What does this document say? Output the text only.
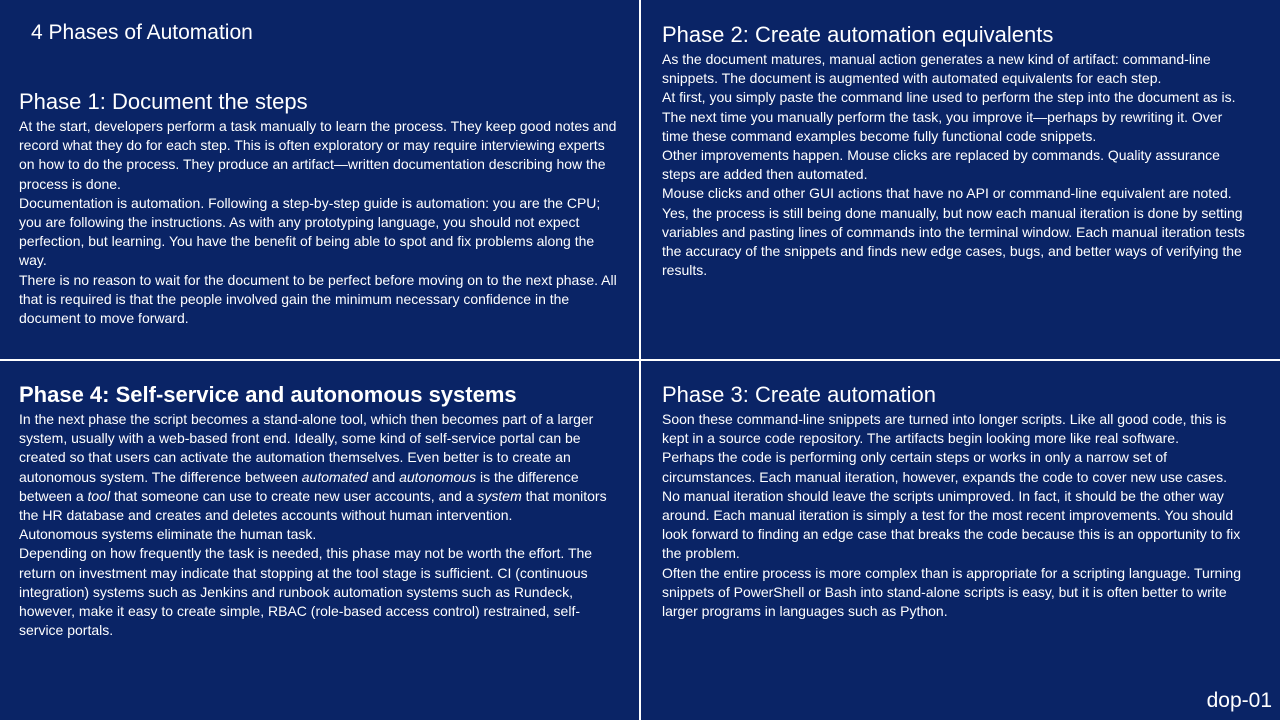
4 Phases of Automation
Phase 1: Document the steps

At the start, developers perform a task manually to learn the process. They keep good notes and record what they do for each step. This is often exploratory or may require interviewing experts on how to do the process. They produce an artifact—written documentation describing how the process is done.

Documentation is automation. Following a step-by-step guide is automation: you are the CPU; you are following the instructions. As with any prototyping language, you should not expect perfection, but learning. You have the benefit of being able to spot and fix problems along the way.

There is no reason to wait for the document to be perfect before moving on to the next phase. All that is required is that the people involved gain the minimum necessary confidence in the document to move forward.

Phase 2: Create automation equivalents

As the document matures, manual action generates a new kind of artifact: command-line snippets. The document is augmented with automated equivalents for each step.

At first, you simply paste the command line used to perform the step into the document as is. The next time you manually perform the task, you improve it—perhaps by rewriting it. Over time these command examples become fully functional code snippets.

Other improvements happen. Mouse clicks are replaced by commands. Quality assurance steps are added then automated.

Mouse clicks and other GUI actions that have no API or command-line equivalent are noted.

Yes, the process is still being done manually, but now each manual iteration is done by setting variables and pasting lines of commands into the terminal window. Each manual iteration tests the accuracy of the snippets and finds new edge cases, bugs, and better ways of verifying the results.

Phase 4: Self-service and autonomous systems

In the next phase the script becomes a stand-alone tool, which then becomes part of a larger system, usually with a web-based front end. Ideally, some kind of self-service portal can be created so that users can activate the automation themselves. Even better is to create an autonomous system. The difference between automated and autonomous is the difference between a tool that someone can use to create new user accounts, and a system that monitors the HR database and creates and deletes accounts without human intervention.

Autonomous systems eliminate the human task.

Depending on how frequently the task is needed, this phase may not be worth the effort. The return on investment may indicate that stopping at the tool stage is sufficient. CI (continuous integration) systems such as Jenkins and runbook automation systems such as Rundeck, however, make it easy to create simple, RBAC (role-based access control) restrained, self-service portals.

Phase 3: Create automation

Soon these command-line snippets are turned into longer scripts. Like all good code, this is kept in a source code repository. The artifacts begin looking more like real software.

Perhaps the code is performing only certain steps or works in only a narrow set of circumstances. Each manual iteration, however, expands the code to cover new use cases. No manual iteration should leave the scripts unimproved. In fact, it should be the other way around. Each manual iteration is simply a test for the most recent improvements. You should look forward to finding an edge case that breaks the code because this is an opportunity to fix the problem.

Often the entire process is more complex than is appropriate for a scripting language. Turning snippets of PowerShell or Bash into stand-alone scripts is easy, but it is often better to write larger programs in languages such as Python.

dop-01
